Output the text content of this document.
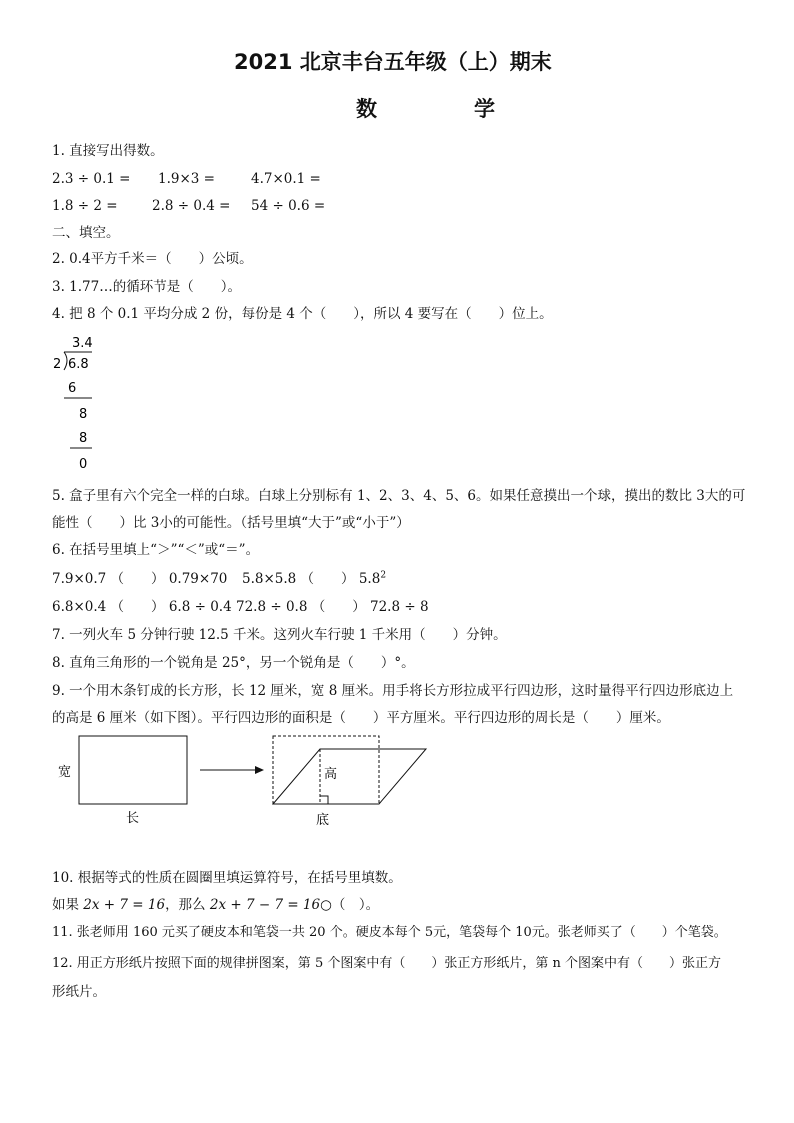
2021 北京丰台五年级（上）期末
数　学
1. 直接写出得数。
2.3 ÷ 0.1 = 1.9×3 =	4.7×0.1 =
1.8 ÷ 2 =	2.8 ÷ 0.4 = 54 ÷ 0.6 =
二、填空。
2. 0.4平方千米＝（　　）公顷。
3. 1.77…的循环节是（　　）。
4. 把 8 个 0.1 平均分成 2 份，每份是 4 个（　　），所以 4 要写在（　　）位上。
3.4
2 6.8
6
8
8
0
5. 盒子里有六个完全一样的白球。白球上分别标有 1、2、3、4、5、6。如果任意摸出一个球，摸出的数比 3大的可
能性（　　）比 3小的可能性。（括号里填“大于”或“小于”）
6. 在括号里填上“＞”“＜”或“＝”。
7.9×0.7 （　　） 0.79×70 5.8×5.8 （　　） $5.8^2$
6.8×0.4 （　　） 6.8 ÷ 0.4 72.8 ÷ 0.8 （　　） 72.8 ÷ 8
7. 一列火车 5 分钟行驶 12.5 千米。这列火车行驶 1 千米用（　　）分钟。
8. 直角三角形的一个锐角是 25°，另一个锐角是（　　）°。
9. 一个用木条钉成的长方形，长 12 厘米，宽 8 厘米。用手将长方形拉成平行四边形，这时量得平行四边形底边上
的高是 6 厘米（如下图）。平行四边形的面积是（　　）平方厘米。平行四边形的周长是（　　）厘米。
宽
长
高
底
10. 根据等式的性质在圆圈里填运算符号，在括号里填数。
如果 2x + 7 = 16，那么 2x + 7 − 7 = 16○（　）。
11. 张老师用 160 元买了硬皮本和笔袋一共 20 个。硬皮本每个 5元，笔袋每个 10元。张老师买了（　　）个笔袋。
12. 用正方形纸片按照下面的规律拼图案，第 5 个图案中有（　　）张正方形纸片，第 n 个图案中有（　　）张正方
形纸片。
